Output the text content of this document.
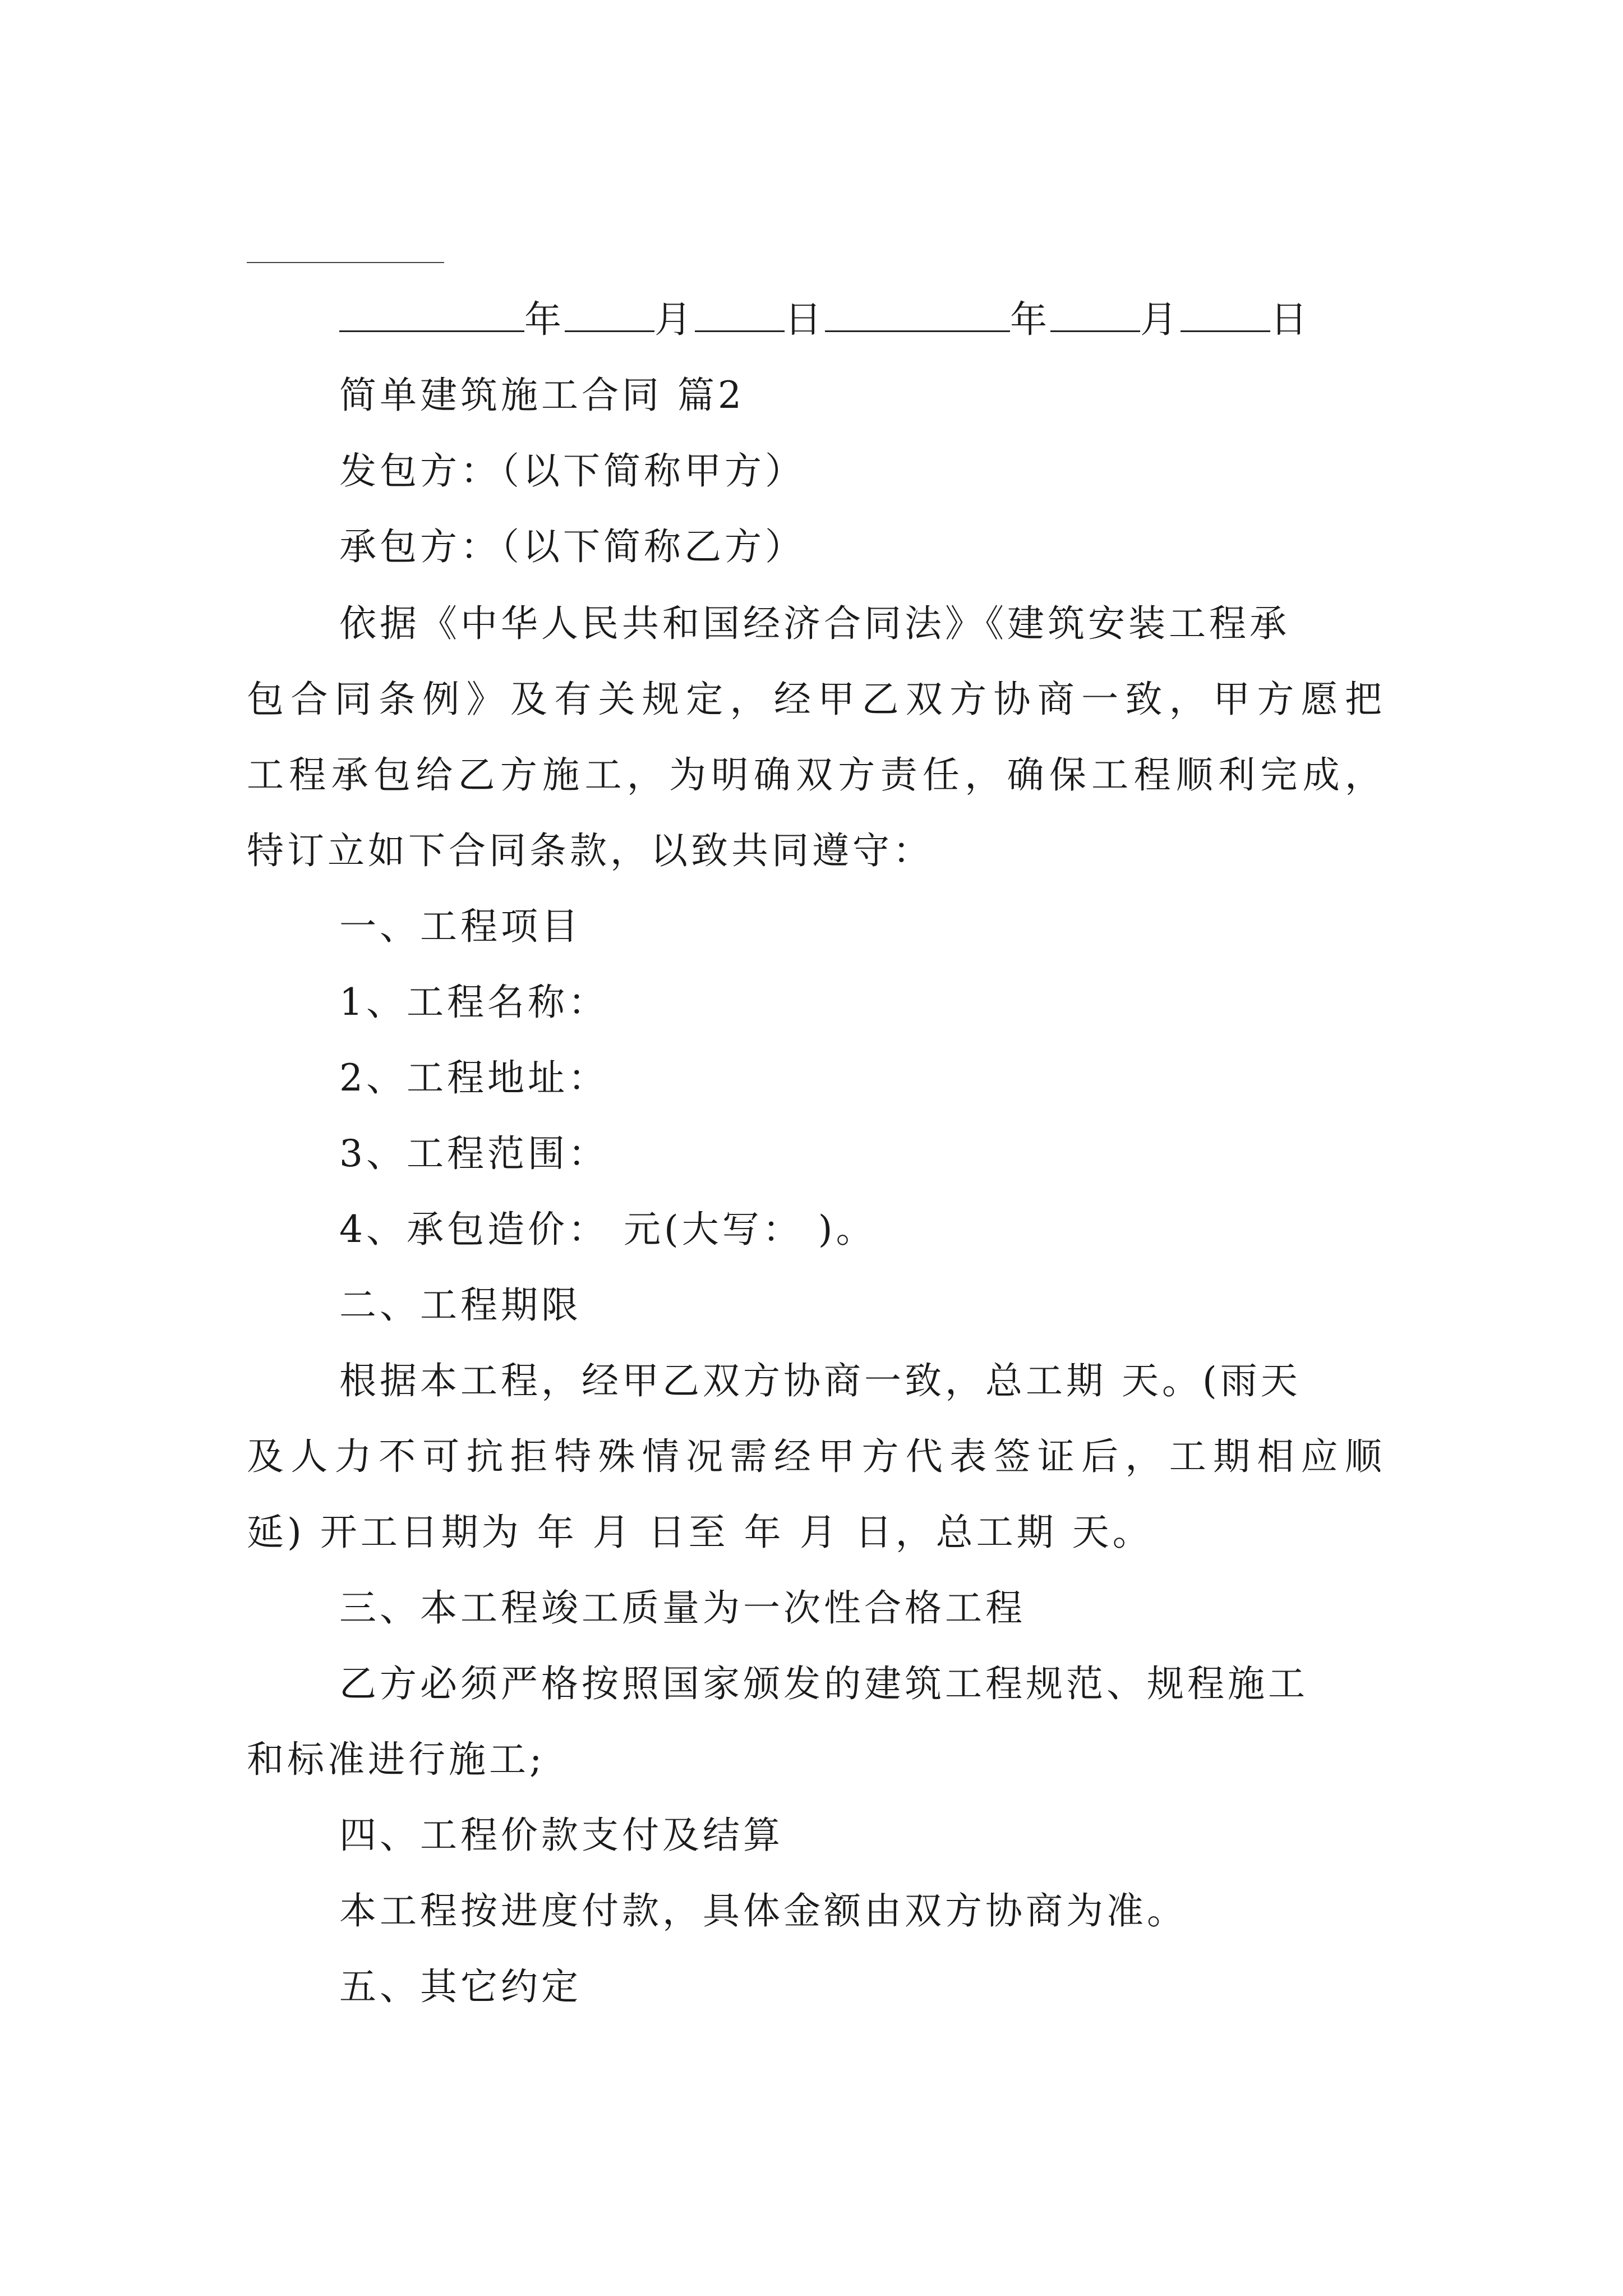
年 月 日	年 月 日
简单建筑施工合同 篇2
发包方：（以下简称甲方）
承包方：（以下简称乙方）
依据《中华人民共和国经济合同法》《建筑安装工程承
包合同条例》及有关规定，经甲乙双方协商一致，甲方愿把
工程承包给乙方施工，为明确双方责任，确保工程顺利完成，
特订立如下合同条款，以致共同遵守：
一、工程项目
1、工程名称：
2、工程地址：
3、工程范围：
4、承包造价： 元(大写： )。
二、工程期限
根据本工程，经甲乙双方协商一致，总工期 天。(雨天
及人力不可抗拒特殊情况需经甲方代表签证后，工期相应顺
延) 开工日期为 年 月 日至 年 月 日，总工期 天。
三、本工程竣工质量为一次性合格工程
乙方必须严格按照国家颁发的建筑工程规范、规程施工
和标准进行施工;
四、工程价款支付及结算
本工程按进度付款，具体金额由双方协商为准。
五、其它约定
